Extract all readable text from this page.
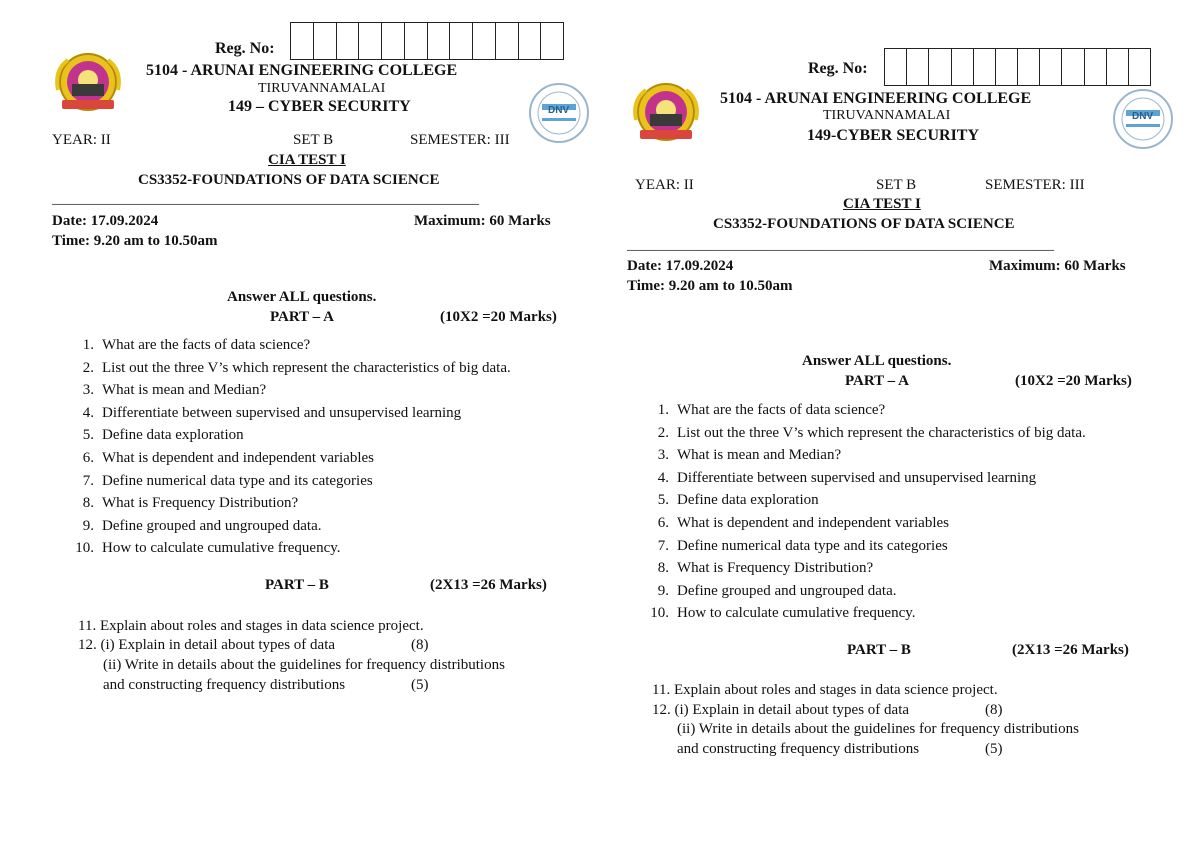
Reg. No:
DNV
5104 - ARUNAI ENGINEERING COLLEGE
TIRUVANNAMALAI
149 – CYBER SECURITY
YEAR: II	SET B	SEMESTER: III
CIA TEST I
CS3352-FOUNDATIONS OF DATA SCIENCE
_____________________________________________________________
Date: 17.09.2024	Maximum: 60 Marks
Time: 9.20 am to 10.50am
Answer ALL questions.
PART – A	(10X2 =20 Marks)
1. What are the facts of data science?
2. List out the three V’s which represent the characteristics of big data.
3. What is mean and Median?
4. Differentiate between supervised and unsupervised learning
5. Define data exploration
6. What is dependent and independent variables
7. Define numerical data type and its categories
8. What is Frequency Distribution?
9. Define grouped and ungrouped data.
10. How to calculate cumulative frequency.
PART – B	(2X13 =26 Marks)
11. Explain about roles and stages in data science project.
12. (i) Explain in detail about types of data	(8)
(ii) Write in details about the guidelines for frequency distributions
and constructing frequency distributions	(5)
Reg. No:
DNV
5104 - ARUNAI ENGINEERING COLLEGE
TIRUVANNAMALAI
149-CYBER SECURITY
YEAR: II	SET B	SEMESTER: III
CIA TEST I
CS3352-FOUNDATIONS OF DATA SCIENCE
_____________________________________________________________
Date: 17.09.2024	Maximum: 60 Marks
Time: 9.20 am to 10.50am
Answer ALL questions.
PART – A	(10X2 =20 Marks)
1. What are the facts of data science?
2. List out the three V’s which represent the characteristics of big data.
3. What is mean and Median?
4. Differentiate between supervised and unsupervised learning
5. Define data exploration
6. What is dependent and independent variables
7. Define numerical data type and its categories
8. What is Frequency Distribution?
9. Define grouped and ungrouped data.
10. How to calculate cumulative frequency.
PART – B	(2X13 =26 Marks)
11. Explain about roles and stages in data science project.
12. (i) Explain in detail about types of data	(8)
(ii) Write in details about the guidelines for frequency distributions
and constructing frequency distributions	(5)
